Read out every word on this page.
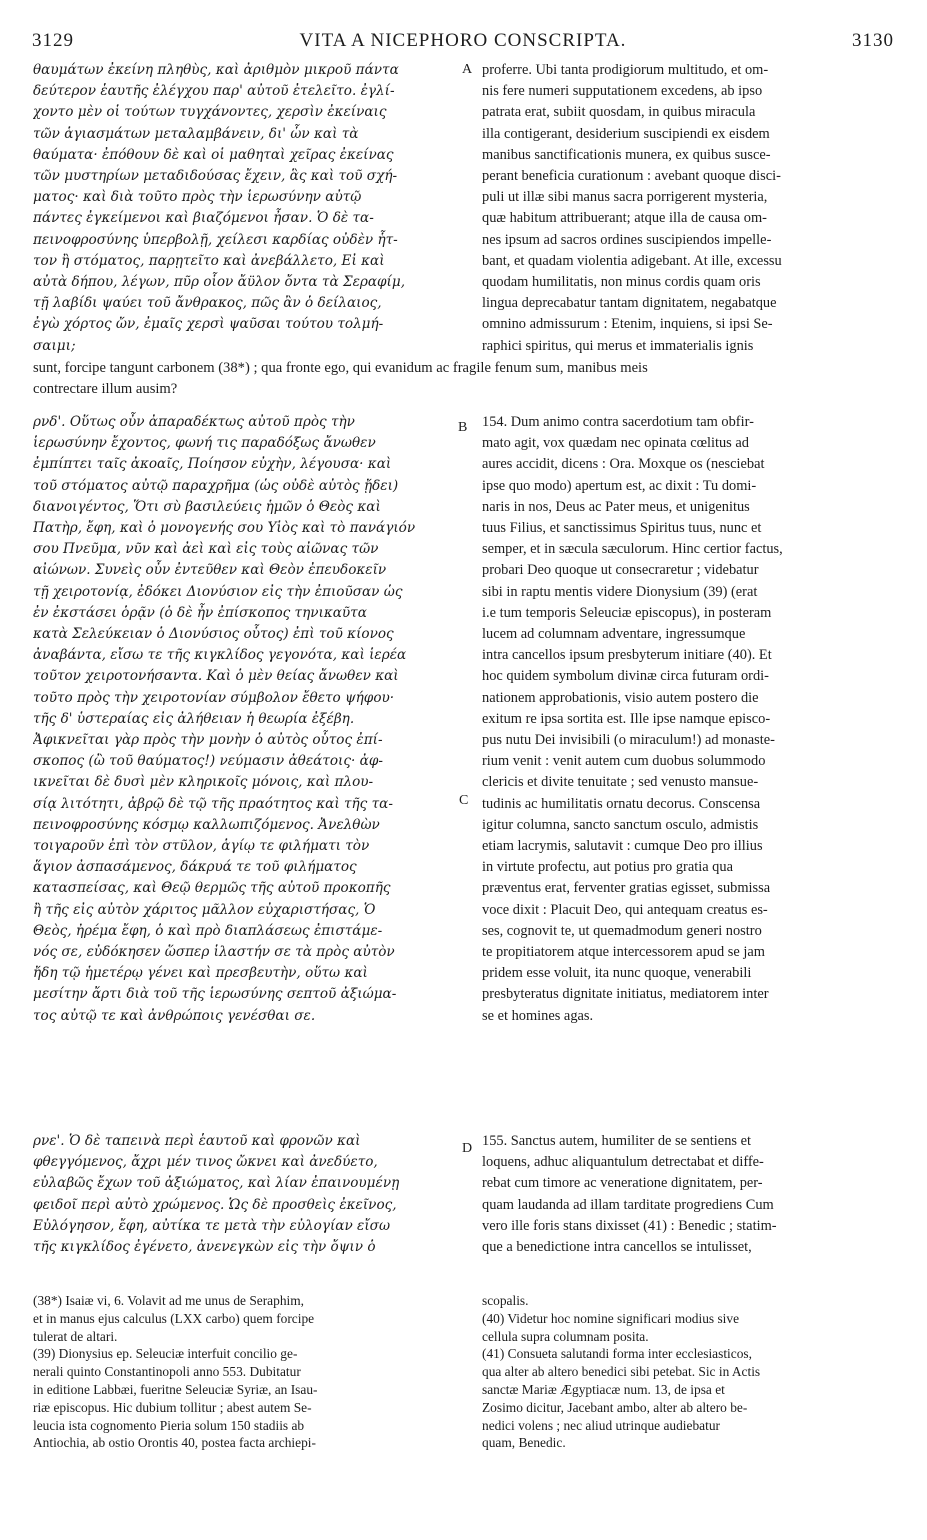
3129	VITA A NICEPHORO CONSCRIPTA.	3130
θαυμάτων ἐκείνη πληθὺς, καὶ ἀριθμὸν μικροῦ πάντα
δεύτερον ἑαυτῆς ἐλέγχου παρ' αὐτοῦ ἐτελεῖτο. ἐγλί-
χοντο μὲν οἱ τούτων τυγχάνοντες, χερσὶν ἐκείναις
τῶν ἁγιασμάτων μεταλαμβάνειν, δι' ὧν καὶ τὰ
θαύματα· ἐπόθουν δὲ καὶ οἱ μαθηταὶ χεῖρας ἐκείνας
τῶν μυστηρίων μεταδιδούσας ἔχειν, ἃς καὶ τοῦ σχή-
ματος· καὶ διὰ τοῦτο πρὸς τὴν ἱερωσύνην αὐτῷ
πάντες ἐγκείμενοι καὶ βιαζόμενοι ἦσαν. Ὁ δὲ τα-
πεινοφροσύνης ὑπερβολῇ, χείλεσι καρδίας οὐδὲν ἧτ-
τον ἢ στόματος, παρῃτεῖτο καὶ ἀνεβάλλετο, Εἰ καὶ
αὐτὰ δήπου, λέγων, πῦρ οἷον ἄϋλον ὄντα τὰ Σεραφίμ,
τῇ λαβίδι ψαύει τοῦ ἄνθρακος, πῶς ἂν ὁ δείλαιος,
ἐγὼ χόρτος ὤν, ἐμαῖς χερσὶ ψαῦσαι τούτου τολμή-
σαιμι;
proferre. Ubi tanta prodigiorum multitudo, et om-
nis fere numeri supputationem excedens, ab ipso
patrata erat, subiit quosdam, in quibus miracula
illa contigerant, desiderium suscipiendi ex eisdem
manibus sanctificationis munera, ex quibus susce-
perant beneficia curationum : avebant quoque disci-
puli ut illæ sibi manus sacra porrigerent mysteria,
quæ habitum attribuerant; atque illa de causa om-
nes ipsum ad sacros ordines suscipiendos impelle-
bant, et quadam violentia adigebant. At ille, excessu
quodam humilitatis, non minus cordis quam oris
lingua deprecabatur tantam dignitatem, negabatque
omnino admissurum : Etenim, inquiens, si ipsi Se-
raphici spiritus, qui merus et immaterialis ignis
A
sunt, forcipe tangunt carbonem (38*) ; qua fronte ego, qui evanidum ac fragile fenum sum, manibus meis
contrectare illum ausim?
ρνδ'. Οὕτως οὖν ἀπαραδέκτως αὐτοῦ πρὸς τὴν
ἱερωσύνην ἔχοντος, φωνή τις παραδόξως ἄνωθεν
ἐμπίπτει ταῖς ἀκοαῖς, Ποίησον εὐχὴν, λέγουσα· καὶ
τοῦ στόματος αὐτῷ παραχρῆμα (ὡς οὐδὲ αὐτὸς ᾔδει)
διανοιγέντος, Ὅτι σὺ βασιλεύεις ἡμῶν ὁ Θεὸς καὶ
Πατὴρ, ἔφη, καὶ ὁ μονογενής σου Υἱὸς καὶ τὸ πανάγιόν
σου Πνεῦμα, νῦν καὶ ἀεὶ καὶ εἰς τοὺς αἰῶνας τῶν
αἰώνων. Συνεὶς οὖν ἐντεῦθεν καὶ Θεὸν ἐπευδοκεῖν
τῇ χειροτονίᾳ, ἐδόκει Διονύσιον εἰς τὴν ἐπιοῦσαν ὡς
ἐν ἐκστάσει ὁρᾷν (ὁ δὲ ἦν ἐπίσκοπος τηνικαῦτα
κατὰ Σελεύκειαν ὁ Διονύσιος οὗτος) ἐπὶ τοῦ κίονος
ἀναβάντα, εἴσω τε τῆς κιγκλίδος γεγονότα, καὶ ἱερέα
τοῦτον χειροτονήσαντα. Καὶ ὁ μὲν θείας ἄνωθεν καὶ
τοῦτο πρὸς τὴν χειροτονίαν σύμβολον ἔθετο ψήφου·
τῆς δ' ὑστεραίας εἰς ἀλήθειαν ἡ θεωρία ἐξέβη.
Ἀφικνεῖται γὰρ πρὸς τὴν μονὴν ὁ αὐτὸς οὗτος ἐπί-
σκοπος (ὢ τοῦ θαύματος!) νεύμασιν ἀθεάτοις· ἀφ-
ικνεῖται δὲ δυσὶ μὲν κληρικοῖς μόνοις, καὶ πλου-
σίᾳ λιτότητι, ἀβρῷ δὲ τῷ τῆς πραότητος καὶ τῆς τα-
πεινοφροσύνης κόσμῳ καλλωπιζόμενος. Ἀνελθὼν
τοιγαροῦν ἐπὶ τὸν στῦλον, ἁγίῳ τε φιλήματι τὸν
ἅγιον ἀσπασάμενος, δάκρυά τε τοῦ φιλήματος
κατασπείσας, καὶ Θεῷ θερμῶς τῆς αὐτοῦ προκοπῆς
ἢ τῆς εἰς αὐτὸν χάριτος μᾶλλον εὐχαριστήσας, Ὁ
Θεὸς, ἠρέμα ἔφη, ὁ καὶ πρὸ διαπλάσεως ἐπιστάμε-
νός σε, εὐδόκησεν ὥσπερ ἱλαστήν σε τὰ πρὸς αὐτὸν
ἤδη τῷ ἡμετέρῳ γένει καὶ πρεσβευτὴν, οὕτω καὶ
μεσίτην ἄρτι διὰ τοῦ τῆς ἱερωσύνης σεπτοῦ ἀξιώμα-
τος αὐτῷ τε καὶ ἀνθρώποις γενέσθαι σε.
154. Dum animo contra sacerdotium tam obfir-
mato agit, vox quædam nec opinata cœlitus ad
aures accidit, dicens : Ora. Moxque os (nesciebat
ipse quo modo) apertum est, ac dixit : Tu domi-
naris in nos, Deus ac Pater meus, et unigenitus
tuus Filius, et sanctissimus Spiritus tuus, nunc et
semper, et in sæcula sæculorum. Hinc certior factus,
probari Deo quoque ut consecraretur ; videbatur
sibi in raptu mentis videre Dionysium (39) (erat
i.e tum temporis Seleuciæ episcopus), in posteram
lucem ad columnam adventare, ingressumque
intra cancellos ipsum presbyterum initiare (40). Et
hoc quidem symbolum divinæ circa futuram ordi-
nationem approbationis, visio autem postero die
exitum re ipsa sortita est. Ille ipse namque episco-
pus nutu Dei invisibili (o miraculum!) ad monaste-
rium venit : venit autem cum duobus solummodo
clericis et divite tenuitate ; sed venusto mansue-
tudinis ac humilitatis ornatu decorus. Conscensa
igitur columna, sancto sanctum osculo, admistis
etiam lacrymis, salutavit : cumque Deo pro illius
in virtute profectu, aut potius pro gratia qua
præventus erat, ferventer gratias egisset, submissa
voce dixit : Placuit Deo, qui antequam creatus es-
ses, cognovit te, ut quemadmodum generi nostro
te propitiatorem atque intercessorem apud se jam
pridem esse voluit, ita nunc quoque, venerabili
presbyteratus dignitate initiatus, mediatorem inter
se et homines agas.
B
C
ρνε'. Ὁ δὲ ταπεινὰ περὶ ἑαυτοῦ καὶ φρονῶν καὶ
φθεγγόμενος, ἄχρι μέν τινος ὤκνει καὶ ἀνεδύετο,
εὐλαβῶς ἔχων τοῦ ἀξιώματος, καὶ λίαν ἐπαινουμένῃ
φειδοῖ περὶ αὐτὸ χρώμενος. Ὡς δὲ προσθεὶς ἐκεῖνος,
Εὐλόγησον, ἔφη, αὐτίκα τε μετὰ τὴν εὐλογίαν εἴσω
τῆς κιγκλίδος ἐγένετο, ἀνενεγκὼν εἰς τὴν ὄψιν ὁ
155. Sanctus autem, humiliter de se sentiens et
loquens, adhuc aliquantulum detrectabat et diffe-
rebat cum timore ac veneratione dignitatem, per-
quam laudanda ad illam tarditate progrediens Cum
vero ille foris stans dixisset (41) : Benedic ; statim-
que a benedictione intra cancellos se intulisset,
D
(38*) Isaiæ vi, 6. Volavit ad me unus de Seraphim,
et in manus ejus calculus (LXX carbo) quem forcipe
tulerat de altari.
(39) Dionysius ep. Seleuciæ interfuit concilio ge-
nerali quinto Constantinopoli anno 553. Dubitatur
in editione Labbæi, fueritne Seleuciæ Syriæ, an Isau-
riæ episcopus. Hic dubium tollitur ; abest autem Se-
leucia ista cognomento Pieria solum 150 stadiis ab
Antiochia, ab ostio Orontis 40, postea facta archiepi-
scopalis.
(40) Videtur hoc nomine significari modius sive
cellula supra columnam posita.
(41) Consueta salutandi forma inter ecclesiasticos,
qua alter ab altero benedici sibi petebat. Sic in Actis
sanctæ Mariæ Ægyptiacæ num. 13, de ipsa et
Zosimo dicitur, Jacebant ambo, alter ab altero be-
nedici volens ; nec aliud utrinque audiebatur
quam, Benedic.
